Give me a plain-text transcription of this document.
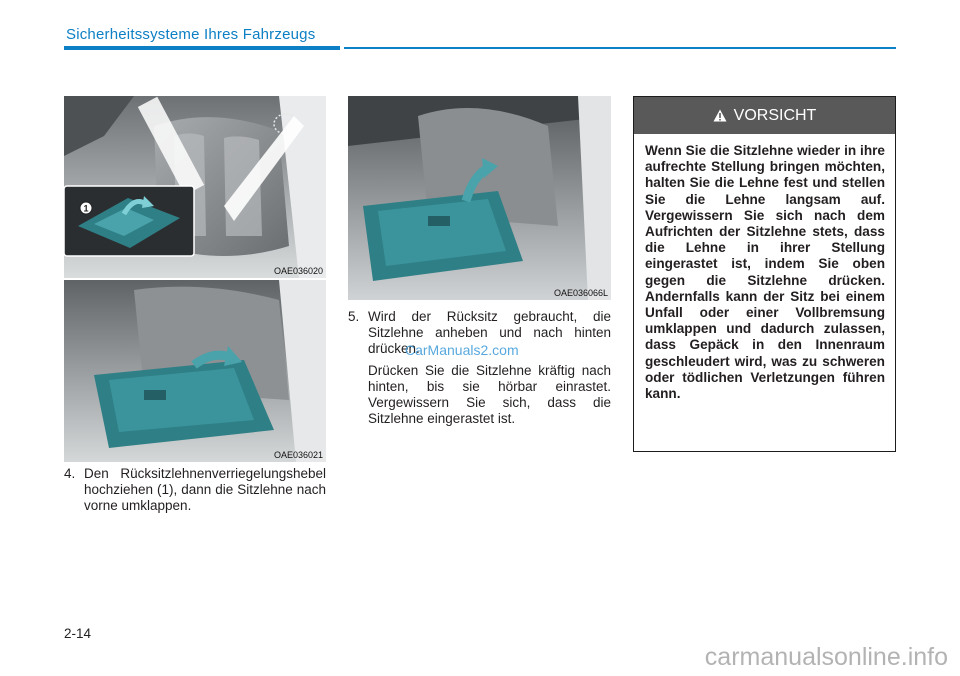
Sicherheitssysteme Ihres Fahrzeugs
1
OAE036020
OAE036021
OAE036066L
4. Den Rücksitzlehnenverriegelungshebel hochziehen (1), dann die Sitzlehne nach vorne umklappen.
5. Wird der Rücksitz gebraucht, die Sitzlehne anheben und nach hinten drücken.
Drücken Sie die Sitzlehne kräftig nach hinten, bis sie hörbar einrastet. Vergewissern Sie sich, dass die Sitzlehne eingerastet ist.
CarManuals2.com
VORSICHT
Wenn Sie die Sitzlehne wieder in ihre aufrechte Stellung bringen möchten, halten Sie die Lehne fest und stellen Sie die Lehne langsam auf. Vergewissern Sie sich nach dem Aufrichten der Sitzlehne stets, dass die Lehne in ihrer Stellung eingerastet ist, indem Sie oben gegen die Sitzlehne drücken. Andernfalls kann der Sitz bei einem Unfall oder einer Vollbremsung umklappen und dadurch zulassen, dass Gepäck in den Innenraum geschleudert wird, was zu schweren oder tödlichen Verletzungen führen kann.
2-14
carmanualsonline.info
